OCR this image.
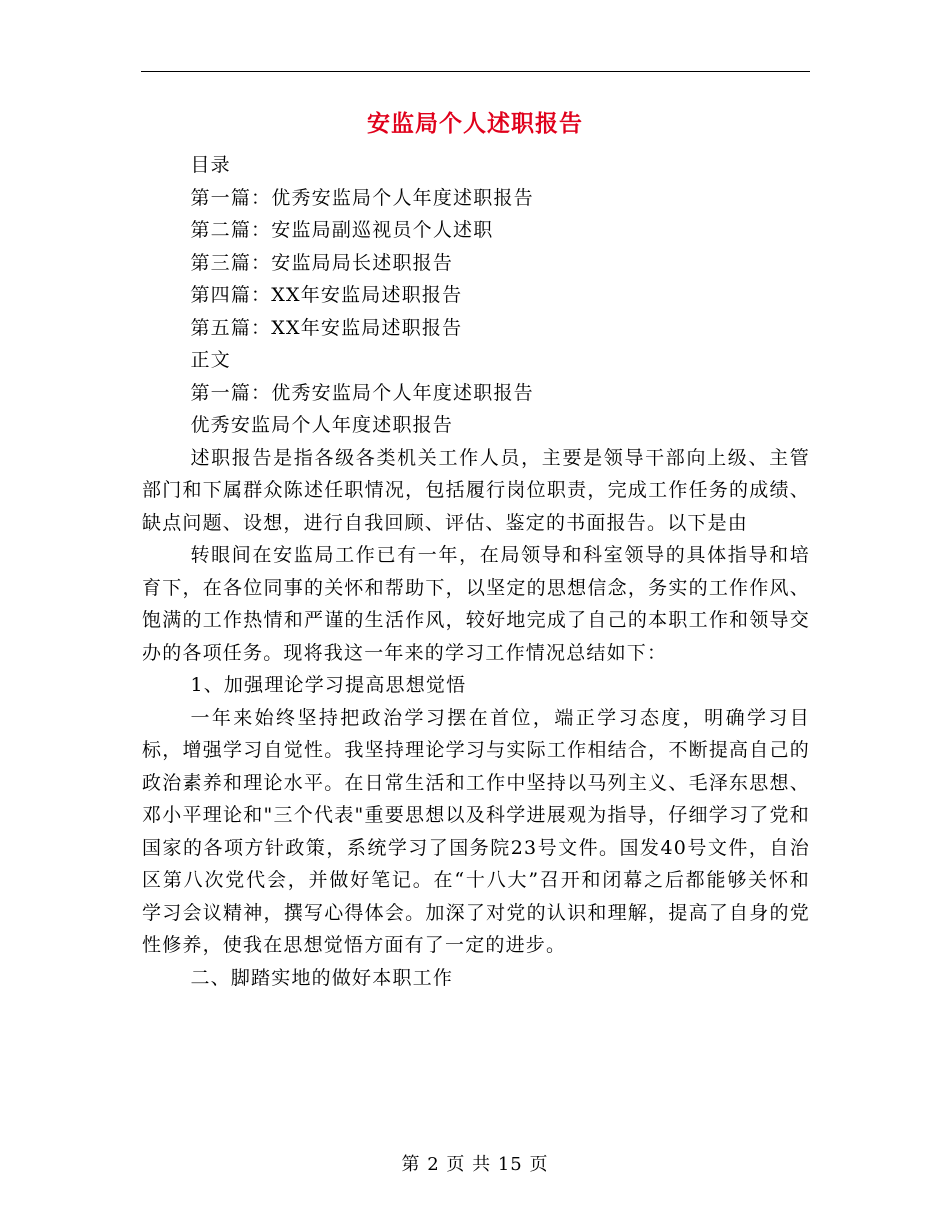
安监局个人述职报告

目录

第一篇：优秀安监局个人年度述职报告

第二篇：安监局副巡视员个人述职

第三篇：安监局局长述职报告

第四篇：XX年安监局述职报告

第五篇：XX年安监局述职报告

正文

第一篇：优秀安监局个人年度述职报告

优秀安监局个人年度述职报告

述职报告是指各级各类机关工作人员，主要是领导干部向上级、主管部门和下属群众陈述任职情况，包括履行岗位职责，完成工作任务的成绩、缺点问题、设想，进行自我回顾、评估、鉴定的书面报告。以下是由

转眼间在安监局工作已有一年，在局领导和科室领导的具体指导和培育下，在各位同事的关怀和帮助下，以坚定的思想信念，务实的工作作风、饱满的工作热情和严谨的生活作风，较好地完成了自己的本职工作和领导交办的各项任务。现将我这一年来的学习工作情况总结如下：

1、加强理论学习提高思想觉悟

一年来始终坚持把政治学习摆在首位，端正学习态度，明确学习目标，增强学习自觉性。我坚持理论学习与实际工作相结合，不断提高自己的政治素养和理论水平。在日常生活和工作中坚持以马列主义、毛泽东思想、邓小平理论和"三个代表"重要思想以及科学进展观为指导，仔细学习了党和国家的各项方针政策，系统学习了国务院23号文件。国发40号文件，自治区第八次党代会，并做好笔记。在“十八大”召开和闭幕之后都能够关怀和学习会议精神，撰写心得体会。加深了对党的认识和理解，提高了自身的党性修养，使我在思想觉悟方面有了一定的进步。

二、脚踏实地的做好本职工作

第 2 页 共 15 页
